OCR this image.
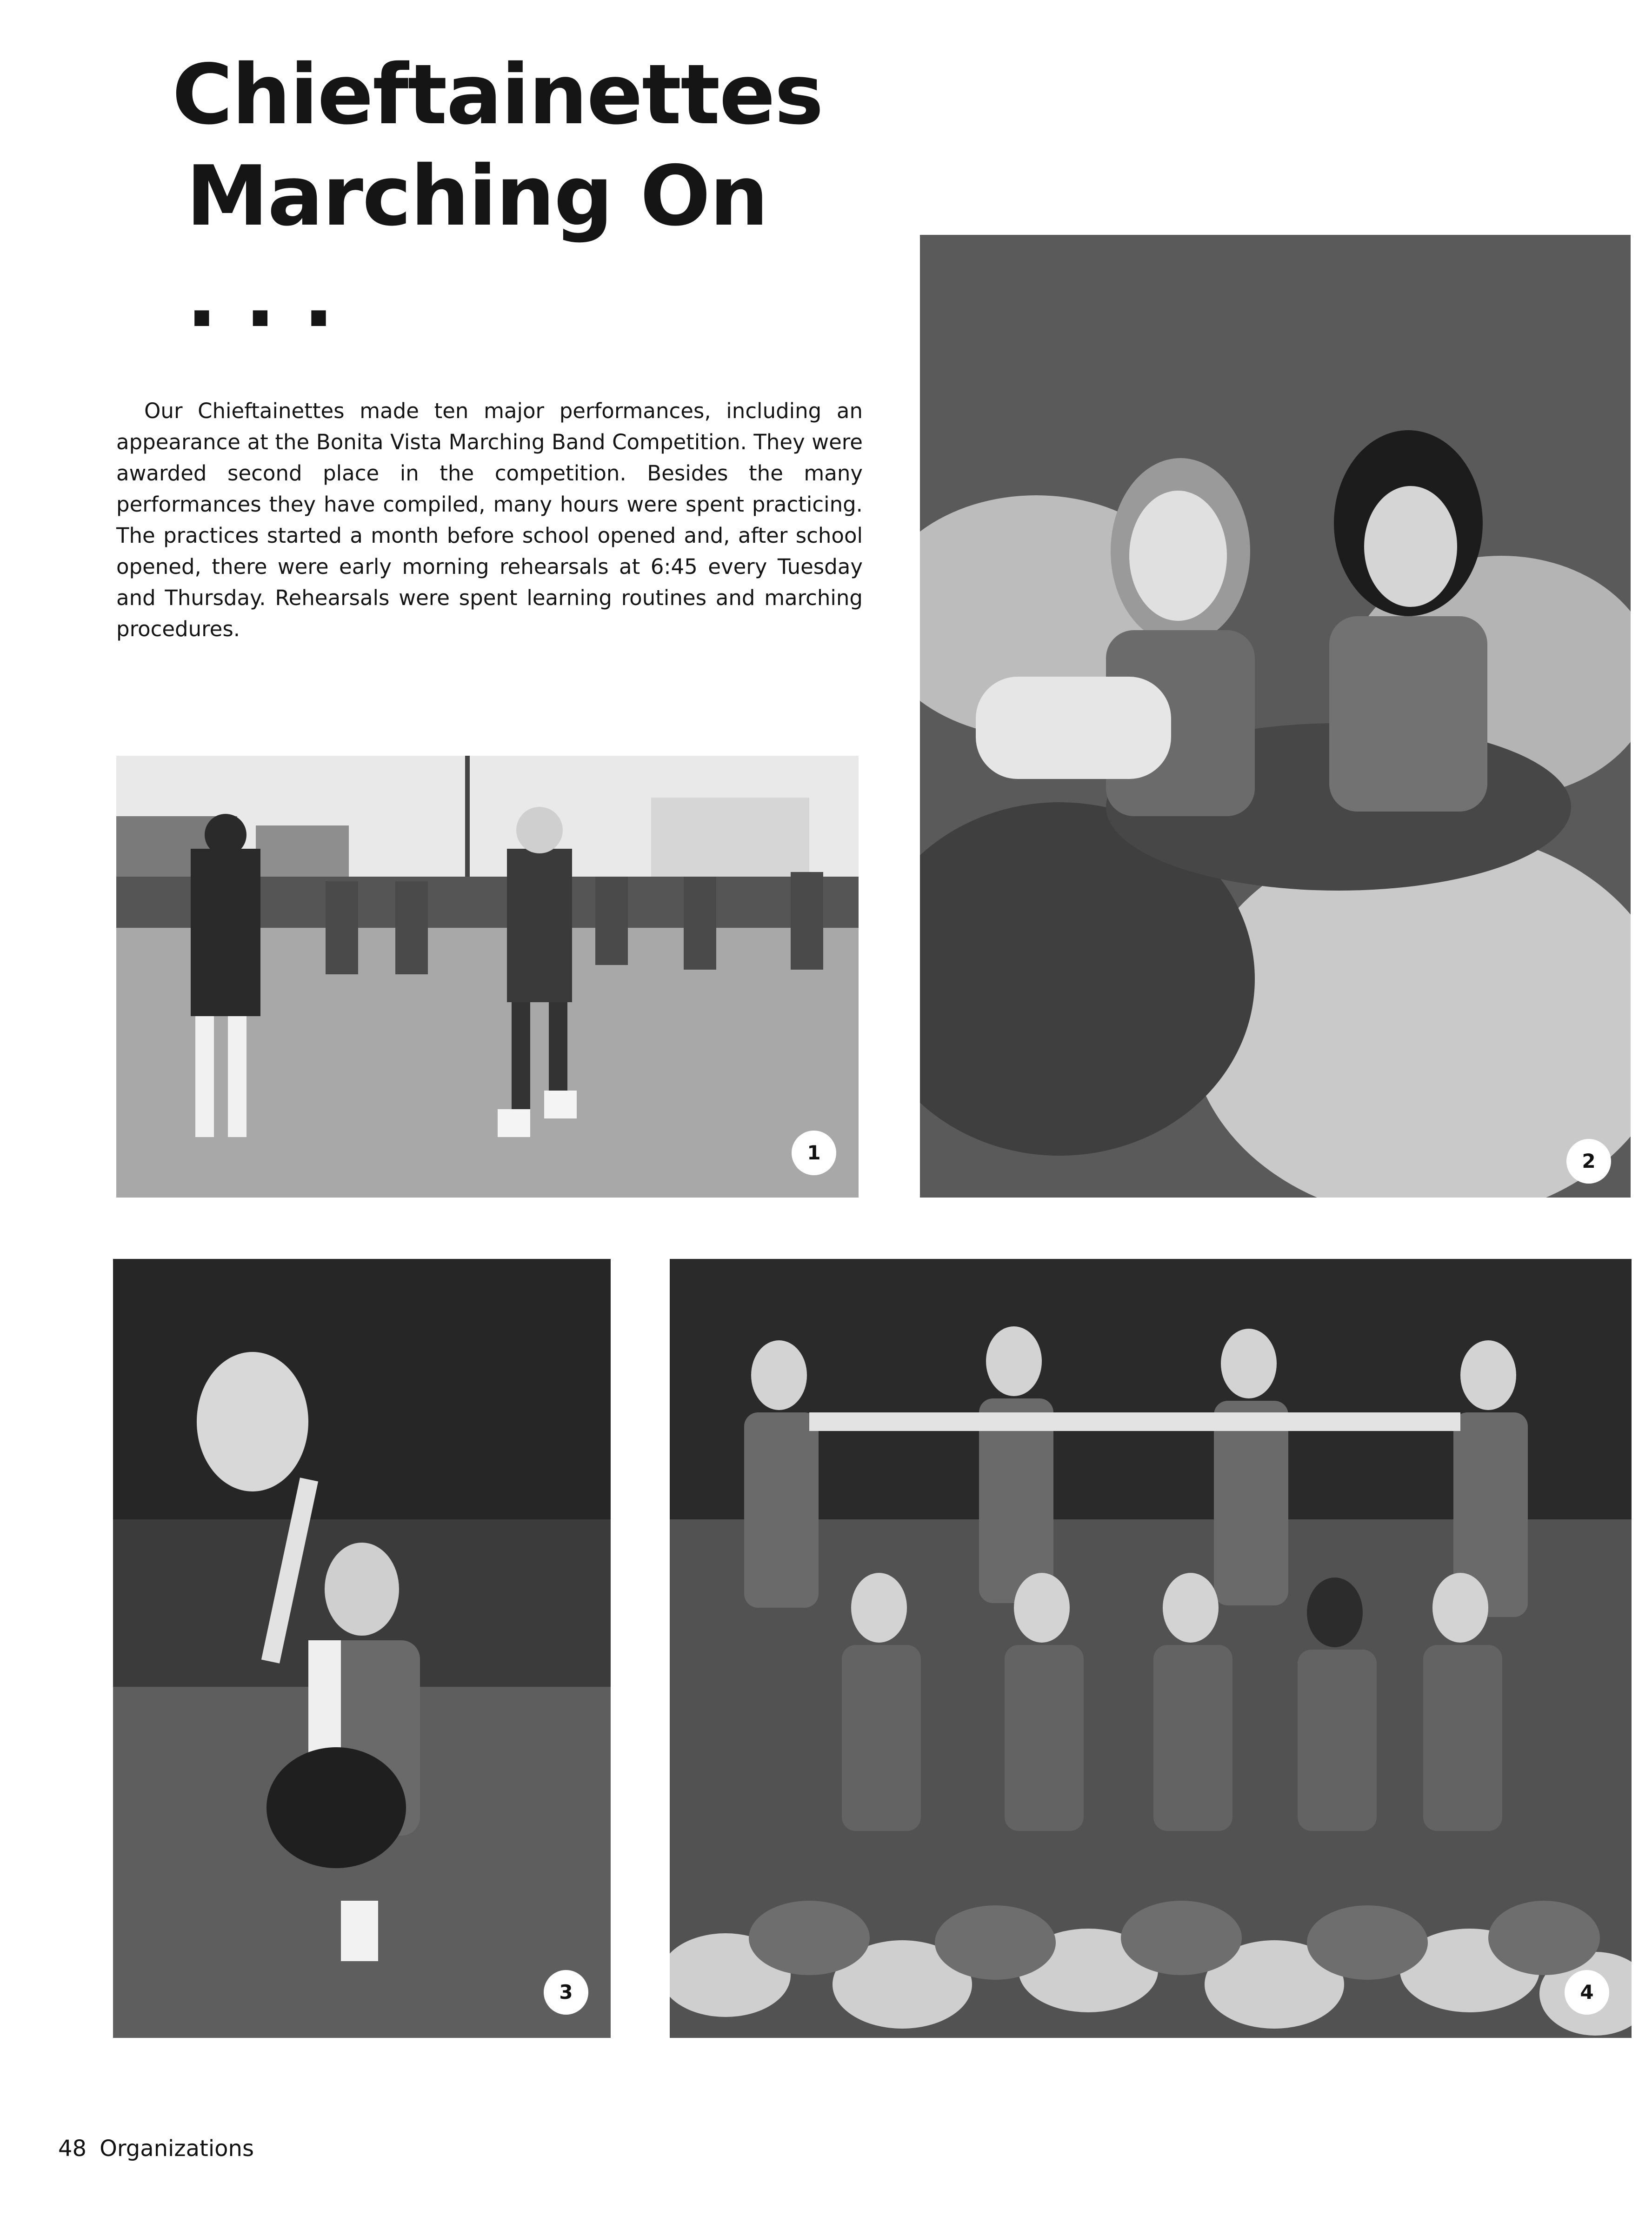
Chieftainettes
Marching On . . .

Our Chieftainettes made ten major performances, including an appearance at the Bonita Vista Marching Band Competition. They were awarded second place in the competition. Besides the many performances they have compiled, many hours were spent practicing. The practices started a month before school opened and, after school opened, there were early morning rehearsals at 6:45 every Tuesday and Thursday. Rehearsals were spent learning routines and marching procedures.

1	2
3	4
48 Organizations
